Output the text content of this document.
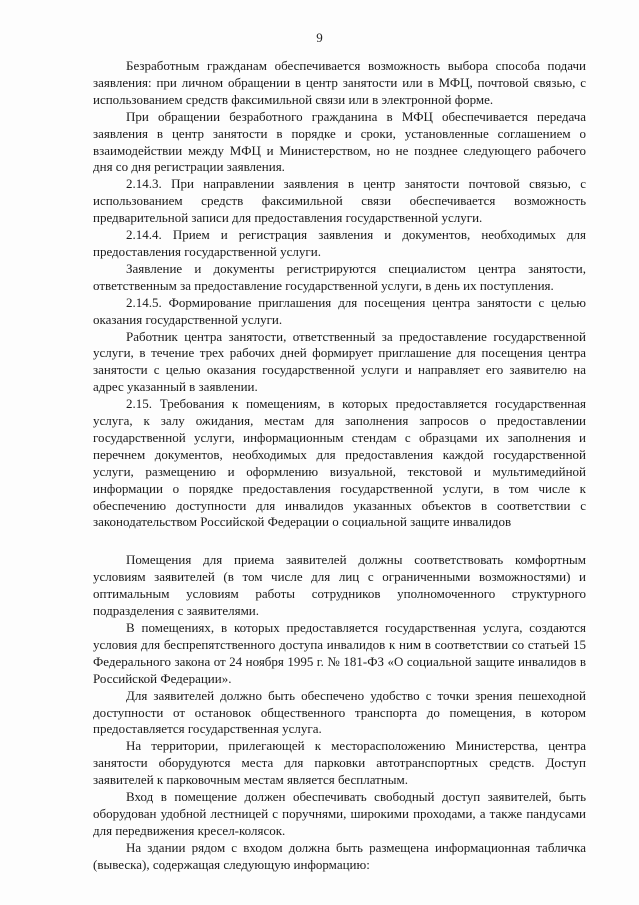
9

Безработным гражданам обеспечивается возможность выбора способа подачи заявления: при личном обращении в центр занятости или в МФЦ, почтовой связью, с использованием средств факсимильной связи или в электронной форме.

При обращении безработного гражданина в МФЦ обеспечивается передача заявления в центр занятости в порядке и сроки, установленные соглашением о взаимодействии между МФЦ и Министерством, но не позднее следующего рабочего дня со дня регистрации заявления.

2.14.3. При направлении заявления в центр занятости почтовой связью, с использованием средств факсимильной связи обеспечивается возможность предварительной записи для предоставления государственной услуги.

2.14.4. Прием и регистрация заявления и документов, необходимых для предоставления государственной услуги.

Заявление и документы регистрируются специалистом центра занятости, ответственным за предоставление государственной услуги, в день их поступления.

2.14.5. Формирование приглашения для посещения центра занятости с целью оказания государственной услуги.

Работник центра занятости, ответственный за предоставление государственной услуги, в течение трех рабочих дней формирует приглашение для посещения центра занятости с целью оказания государственной услуги и направляет его заявителю на адрес указанный в заявлении.

2.15. Требования к помещениям, в которых предоставляется государственная услуга, к залу ожидания, местам для заполнения запросов о предоставлении государственной услуги, информационным стендам с образцами их заполнения и перечнем документов, необходимых для предоставления каждой государственной услуги, размещению и оформлению визуальной, текстовой и мультимедийной информации о порядке предоставления государственной услуги, в том числе к обеспечению доступности для инвалидов указанных объектов в соответствии с законодательством Российской Федерации о социальной защите инвалидов

Помещения для приема заявителей должны соответствовать комфортным условиям заявителей (в том числе для лиц с ограниченными возможностями) и оптимальным условиям работы сотрудников уполномоченного структурного подразделения с заявителями.

В помещениях, в которых предоставляется государственная услуга, создаются условия для беспрепятственного доступа инвалидов к ним в соответствии со статьей 15 Федерального закона от 24 ноября 1995 г. № 181-ФЗ «О социальной защите инвалидов в Российской Федерации».

Для заявителей должно быть обеспечено удобство с точки зрения пешеходной доступности от остановок общественного транспорта до помещения, в котором предоставляется государственная услуга.

На территории, прилегающей к месторасположению Министерства, центра занятости оборудуются места для парковки автотранспортных средств. Доступ заявителей к парковочным местам является бесплатным.

Вход в помещение должен обеспечивать свободный доступ заявителей, быть оборудован удобной лестницей с поручнями, широкими проходами, а также пандусами для передвижения кресел-колясок.

На здании рядом с входом должна быть размещена информационная табличка (вывеска), содержащая следующую информацию:
